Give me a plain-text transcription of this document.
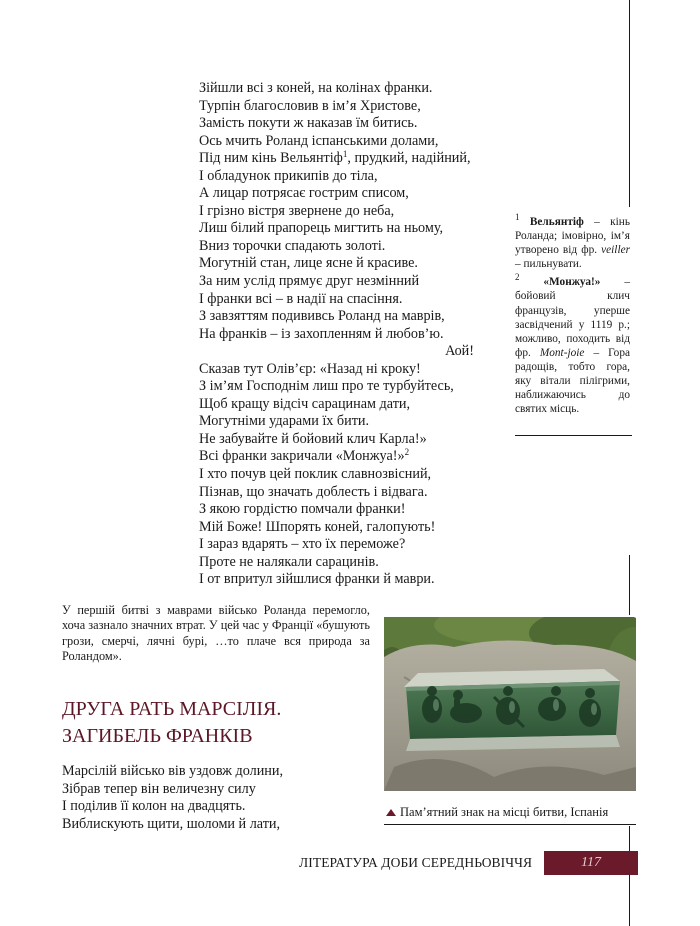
Зійшли всі з коней, на колінах франки.
Турпін благословив в ім’я Христове,
Замість покути ж наказав їм битись.
Ось мчить Роланд іспанськими долами,
Під ним кінь Вельянтіф$^1$, прудкий, надійний,
І обладунок прикипів до тіла,
А лицар потрясає гострим списом,
І грізно вістря звернене до неба,
Лиш білий прапорець мигтить на ньому,
Вниз торочки спадають золоті.
Могутній стан, лице ясне й красиве.
За ним услід прямує друг незмінний
І франки всі – в надії на спасіння.
З завзяттям подививсь Роланд на маврів,
На франків – із захопленням й любов’ю.
Аой!
Сказав тут Олів’єр: «Назад ні кроку!
З ім’ям Господнім лиш про те турбуйтесь,
Щоб кращу відсіч сарацинам дати,
Могутніми ударами їх бити.
Не забувайте й бойовий клич Карла!»
Всі франки закричали «Монжуа!»$^2$
І хто почув цей поклик славнозвісний,
Пізнав, що значать доблесть і відвага.
З якою гордістю помчали франки!
Мій Боже! Шпорять коней, галопують!
І зараз вдарять – хто їх переможе?
Проте не налякали сарацинів.
І от впритул зійшлися франки й маври.

$^1$ Вельянтіф – кінь Роланда; імовірно, ім’я утворено від фр. veiller – пильнувати.

$^2$ «Монжуа!» – бойовий клич французів, уперше засвідчений у 1119 р.; можливо, походить від фр. Mont-joie – Гора радощів, тобто гора, яку вітали пілігрими, наближаючись до святих місць.

У першій битві з маврами військо Роланда перемогло, хоча зазнало значних втрат. У цей час у Франції «бушують грози, смерчі, лячні бурі, …то плаче вся природа за Роландом».

ДРУГА РАТЬ МАРСІЛІЯ.
ЗАГИБЕЛЬ ФРАНКІВ
Марсілій військо вів уздовж долини,
Зібрав тепер він величезну силу
І поділив її колон на двадцять.
Виблискують щити, шоломи й лати,
Пам’ятний знак на місці битви, Іспанія
ЛІТЕРАТУРА ДОБИ СЕРЕДНЬОВІЧЧЯ	117
